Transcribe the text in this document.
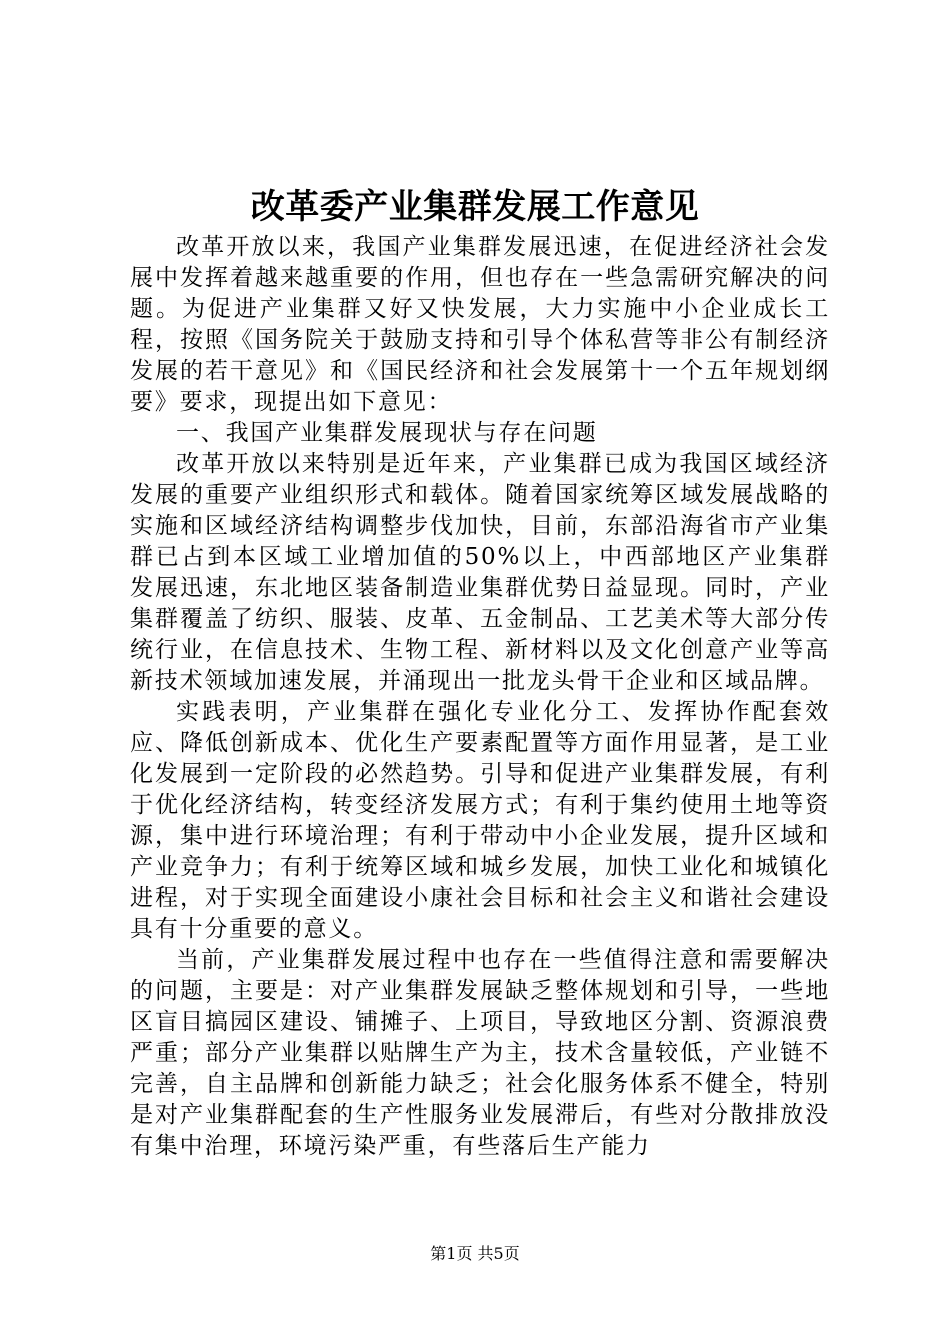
改革委产业集群发展工作意见

改革开放以来，我国产业集群发展迅速，在促进经济社会发展中发挥着越来越重要的作用，但也存在一些急需研究解决的问题。为促进产业集群又好又快发展，大力实施中小企业成长工程，按照《国务院关于鼓励支持和引导个体私营等非公有制经济发展的若干意见》和《国民经济和社会发展第十一个五年规划纲要》要求，现提出如下意见：

一、我国产业集群发展现状与存在问题

改革开放以来特别是近年来，产业集群已成为我国区域经济发展的重要产业组织形式和载体。随着国家统筹区域发展战略的实施和区域经济结构调整步伐加快，目前，东部沿海省市产业集群已占到本区域工业增加值的50%以上，中西部地区产业集群发展迅速，东北地区装备制造业集群优势日益显现。同时，产业集群覆盖了纺织、服装、皮革、五金制品、工艺美术等大部分传统行业，在信息技术、生物工程、新材料以及文化创意产业等高新技术领域加速发展，并涌现出一批龙头骨干企业和区域品牌。

实践表明，产业集群在强化专业化分工、发挥协作配套效应、降低创新成本、优化生产要素配置等方面作用显著，是工业化发展到一定阶段的必然趋势。引导和促进产业集群发展，有利于优化经济结构，转变经济发展方式；有利于集约使用土地等资源，集中进行环境治理；有利于带动中小企业发展，提升区域和产业竞争力；有利于统筹区域和城乡发展，加快工业化和城镇化进程，对于实现全面建设小康社会目标和社会主义和谐社会建设具有十分重要的意义。

当前，产业集群发展过程中也存在一些值得注意和需要解决的问题，主要是：对产业集群发展缺乏整体规划和引导，一些地区盲目搞园区建设、铺摊子、上项目，导致地区分割、资源浪费严重；部分产业集群以贴牌生产为主，技术含量较低，产业链不完善，自主品牌和创新能力缺乏；社会化服务体系不健全，特别是对产业集群配套的生产性服务业发展滞后，有些对分散排放没有集中治理，环境污染严重，有些落后生产能力

第1页 共5页
